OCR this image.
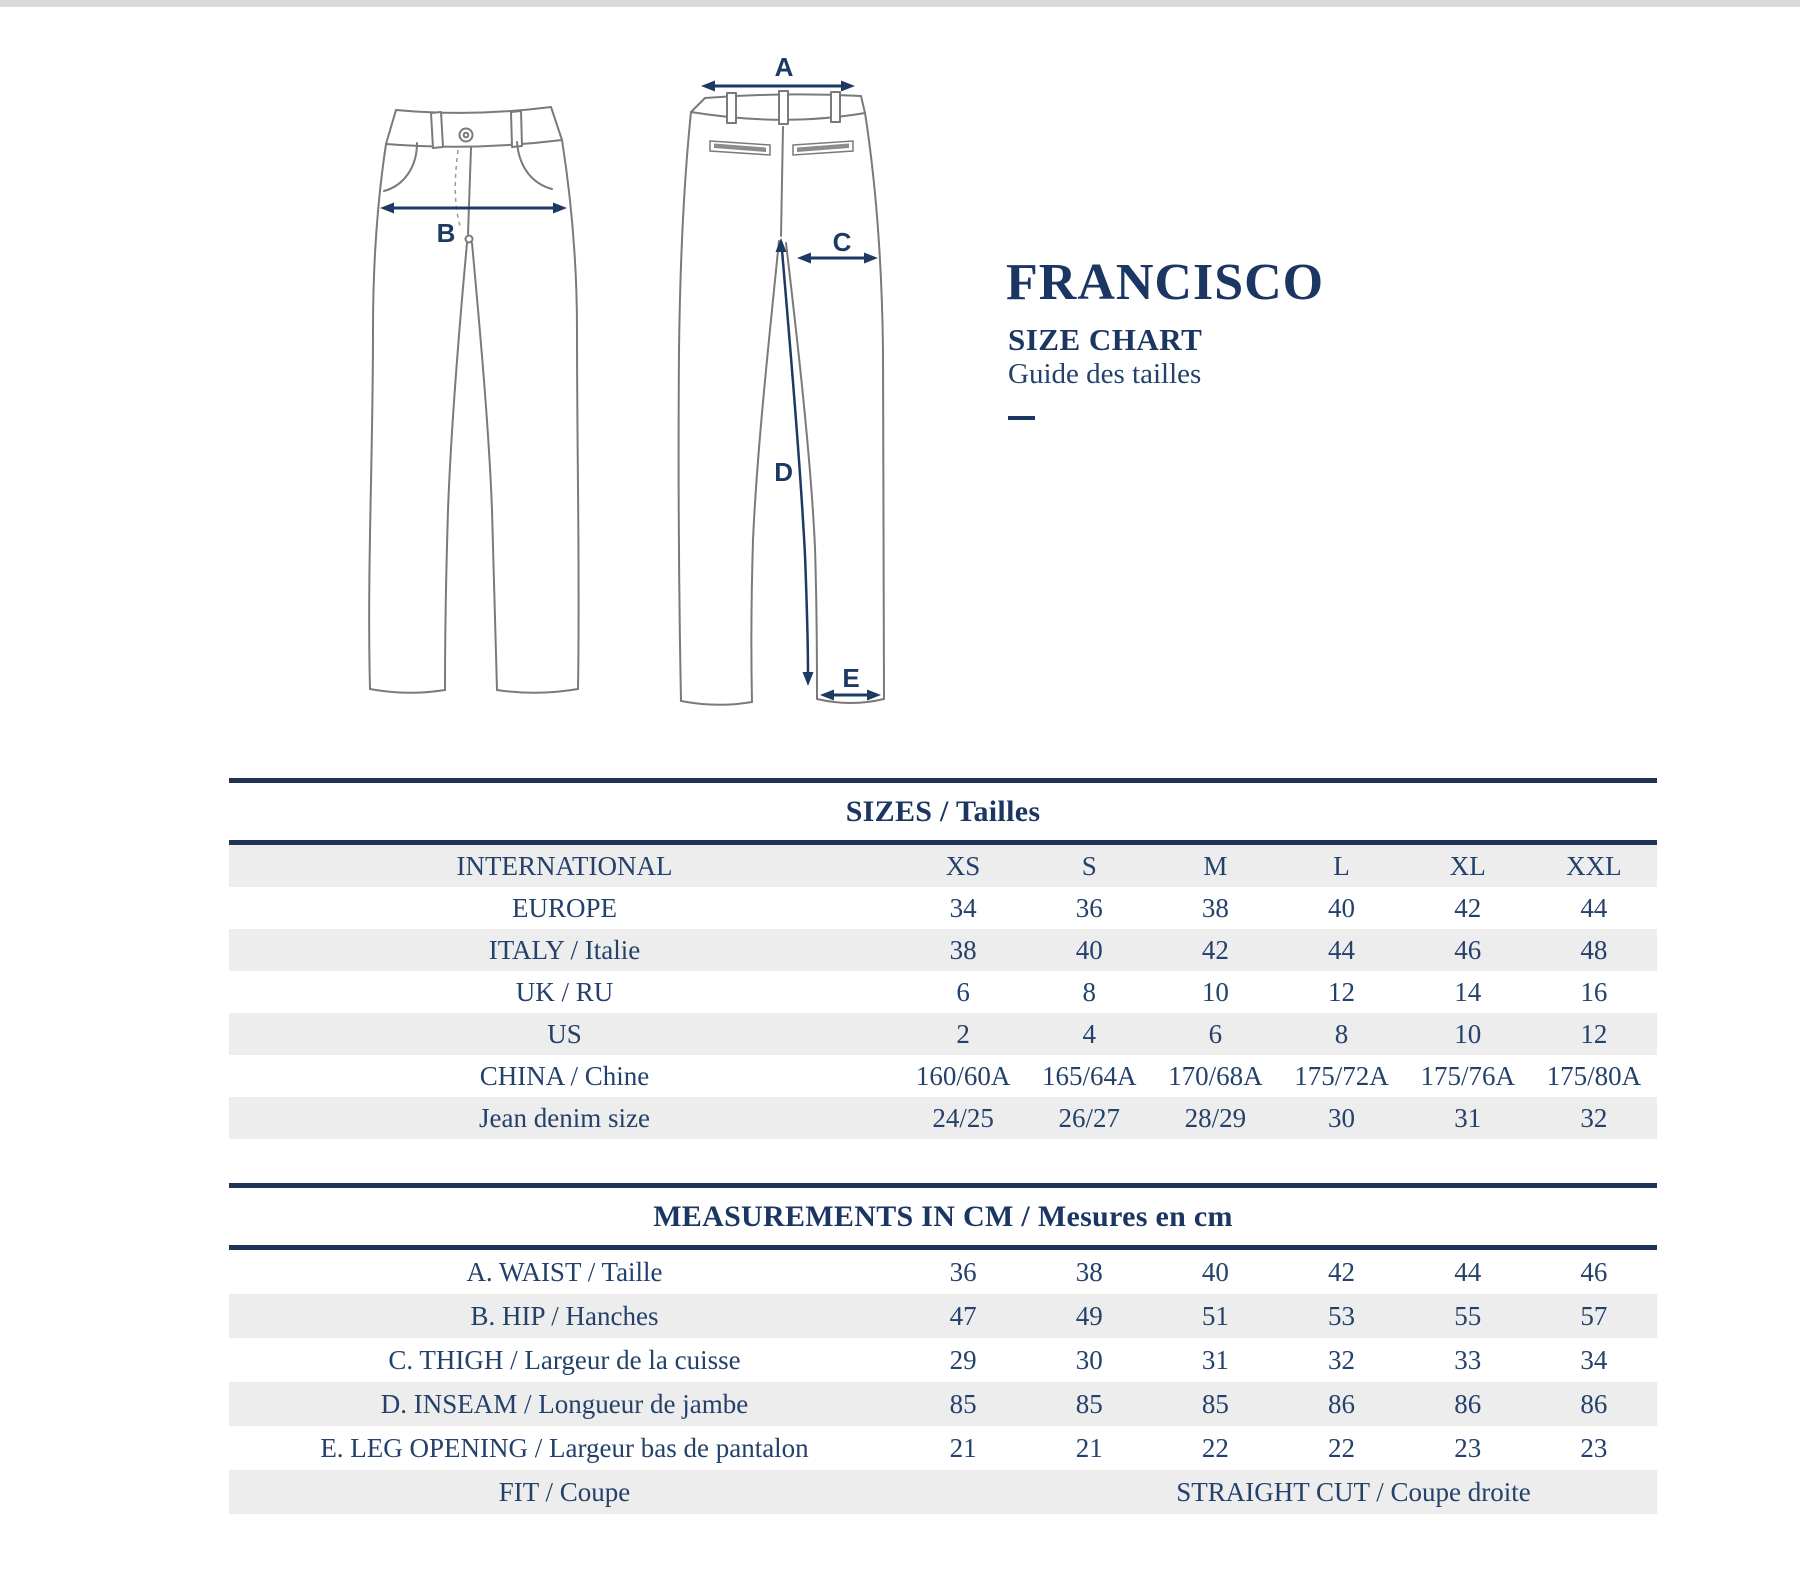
B
A
C
D
E
FRANCISCO
SIZE CHART
Guide des tailles
SIZES / Tailles
INTERNATIONAL	XS	S	M	L	XL	XXL
EUROPE	34	36	38	40	42	44
ITALY / Italie	38	40	42	44	46	48
UK / RU	6	8	10	12	14	16
US	2	4	6	8	10	12
CHINA / Chine	160/60A	165/64A	170/68A	175/72A	175/76A	175/80A
Jean denim size	24/25	26/27	28/29	30	31	32
MEASUREMENTS IN CM / Mesures en cm
A. WAIST / Taille	36	38	40	42	44	46
B. HIP / Hanches	47	49	51	53	55	57
C. THIGH / Largeur de la cuisse	29	30	31	32	33	34
D. INSEAM / Longueur de jambe	85	85	85	86	86	86
E. LEG OPENING / Largeur bas de pantalon	21	21	22	22	23	23
FIT / Coupe	STRAIGHT CUT / Coupe droite					
